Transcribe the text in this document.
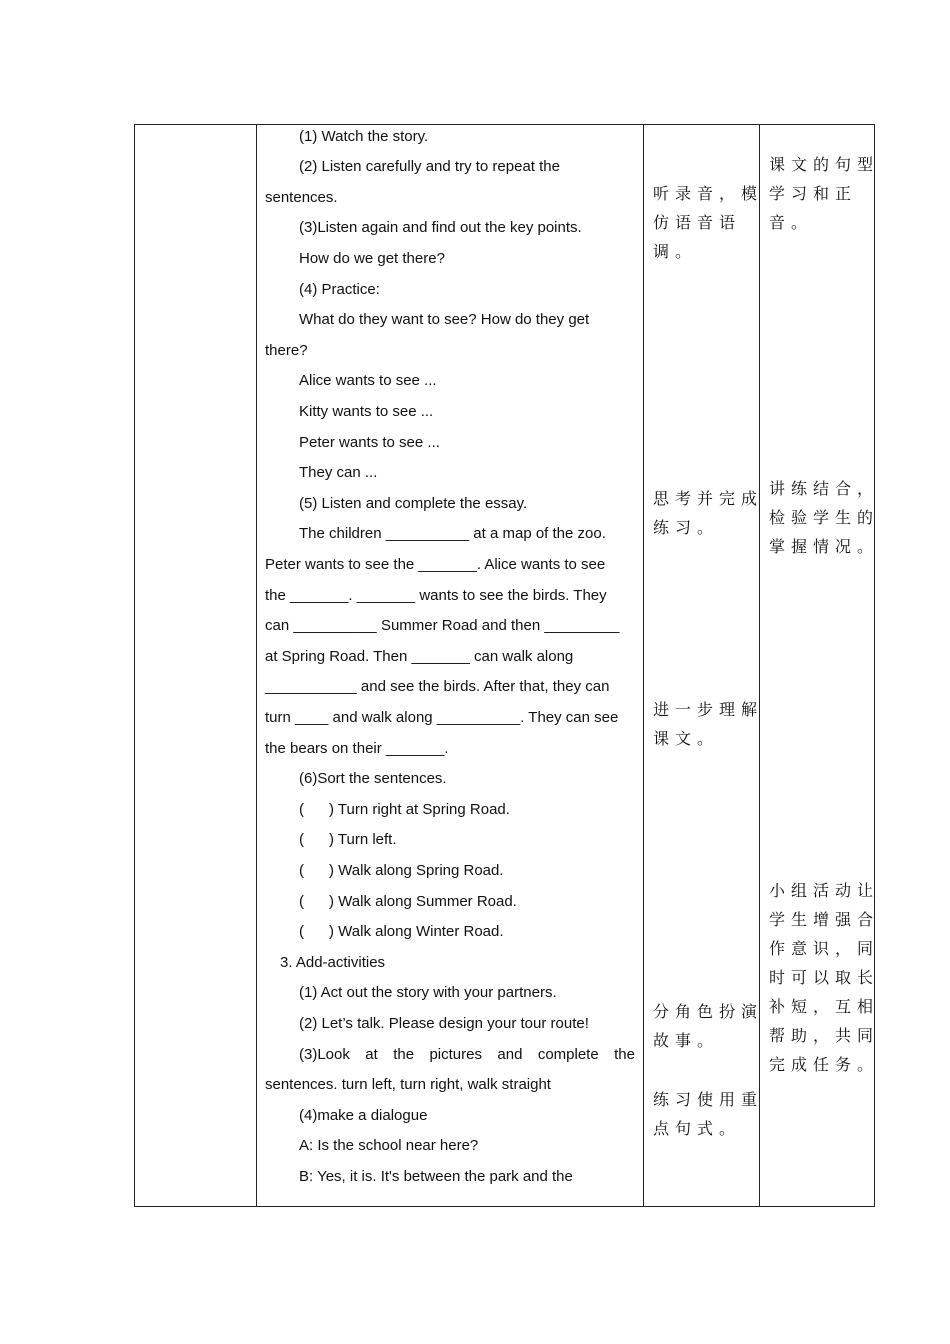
(1) Watch the story.
(2) Listen carefully and try to repeat the
sentences.
(3)Listen again and find out the key points.
How do we get there?
(4) Practice:
What do they want to see? How do they get
there?
Alice wants to see ...
Kitty wants to see ...
Peter wants to see ...
They can ...
(5) Listen and complete the essay.
The children __________ at a map of the zoo.
Peter wants to see the _______. Alice wants to see
the _______. _______ wants to see the birds. They
can __________ Summer Road and then _________
at Spring Road. Then _______ can walk along
___________ and see the birds. After that, they can
turn ____ and walk along __________. They can see
the bears on their _______.
(6)Sort the sentences.
(      ) Turn right at Spring Road.
(      ) Turn left.
(      ) Walk along Spring Road.
(      ) Walk along Summer Road.
(      ) Walk along Winter Road.
3. Add-activities
(1) Act out the story with your partners.
(2) Let’s talk. Please design your tour route!
(3)Look at the pictures and complete the
sentences. turn left, turn right, walk straight
(4)make a dialogue
A: Is the school near here?
B: Yes, it is. It's between the park and the
听录音，模
仿语音语
调。
思考并完成
练习。
进一步理解
课文。
分角色扮演
故事。
练习使用重
点句式。
课文的句型
学习和正
音。
讲练结合，
检验学生的
掌握情况。
小组活动让
学生增强合
作意识，同
时可以取长
补短，互相
帮助，共同
完成任务。
